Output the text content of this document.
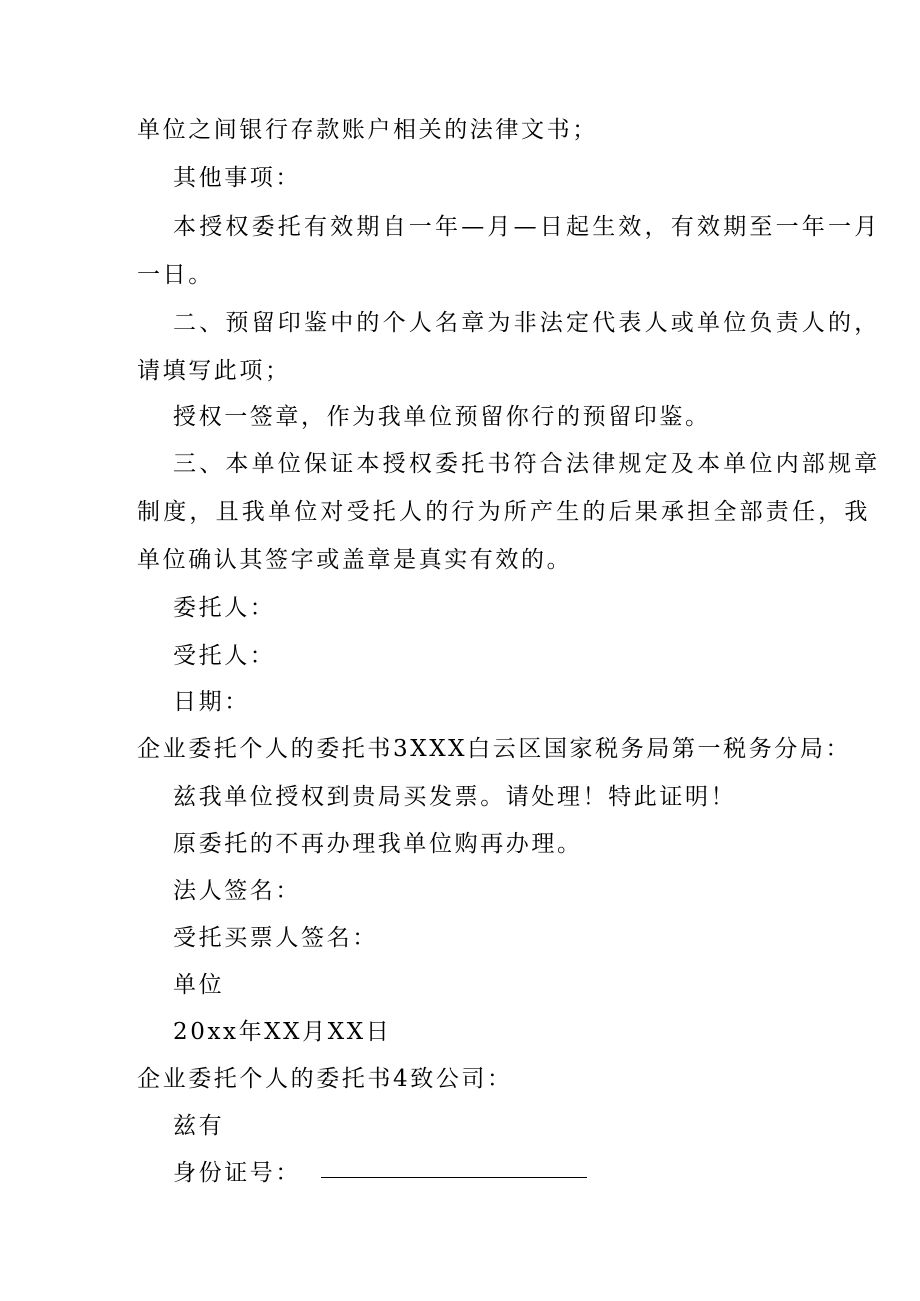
单位之间银行存款账户相关的法律文书；
其他事项：
本授权委托有效期自一年—月—日起生效，有效期至一年一月
一日。
二、预留印鉴中的个人名章为非法定代表人或单位负责人的，
请填写此项；
授权一签章，作为我单位预留你行的预留印鉴。
三、本单位保证本授权委托书符合法律规定及本单位内部规章
制度，且我单位对受托人的行为所产生的后果承担全部责任，我
单位确认其签字或盖章是真实有效的。
委托人：
受托人：
日期：
企业委托个人的委托书3XXX白云区国家税务局第一税务分局：
兹我单位授权到贵局买发票。请处理！特此证明！
原委托的不再办理我单位购再办理。
法人签名：
受托买票人签名：
单位
20xx年XX月XX日
企业委托个人的委托书4致公司：
兹有
身份证号：
